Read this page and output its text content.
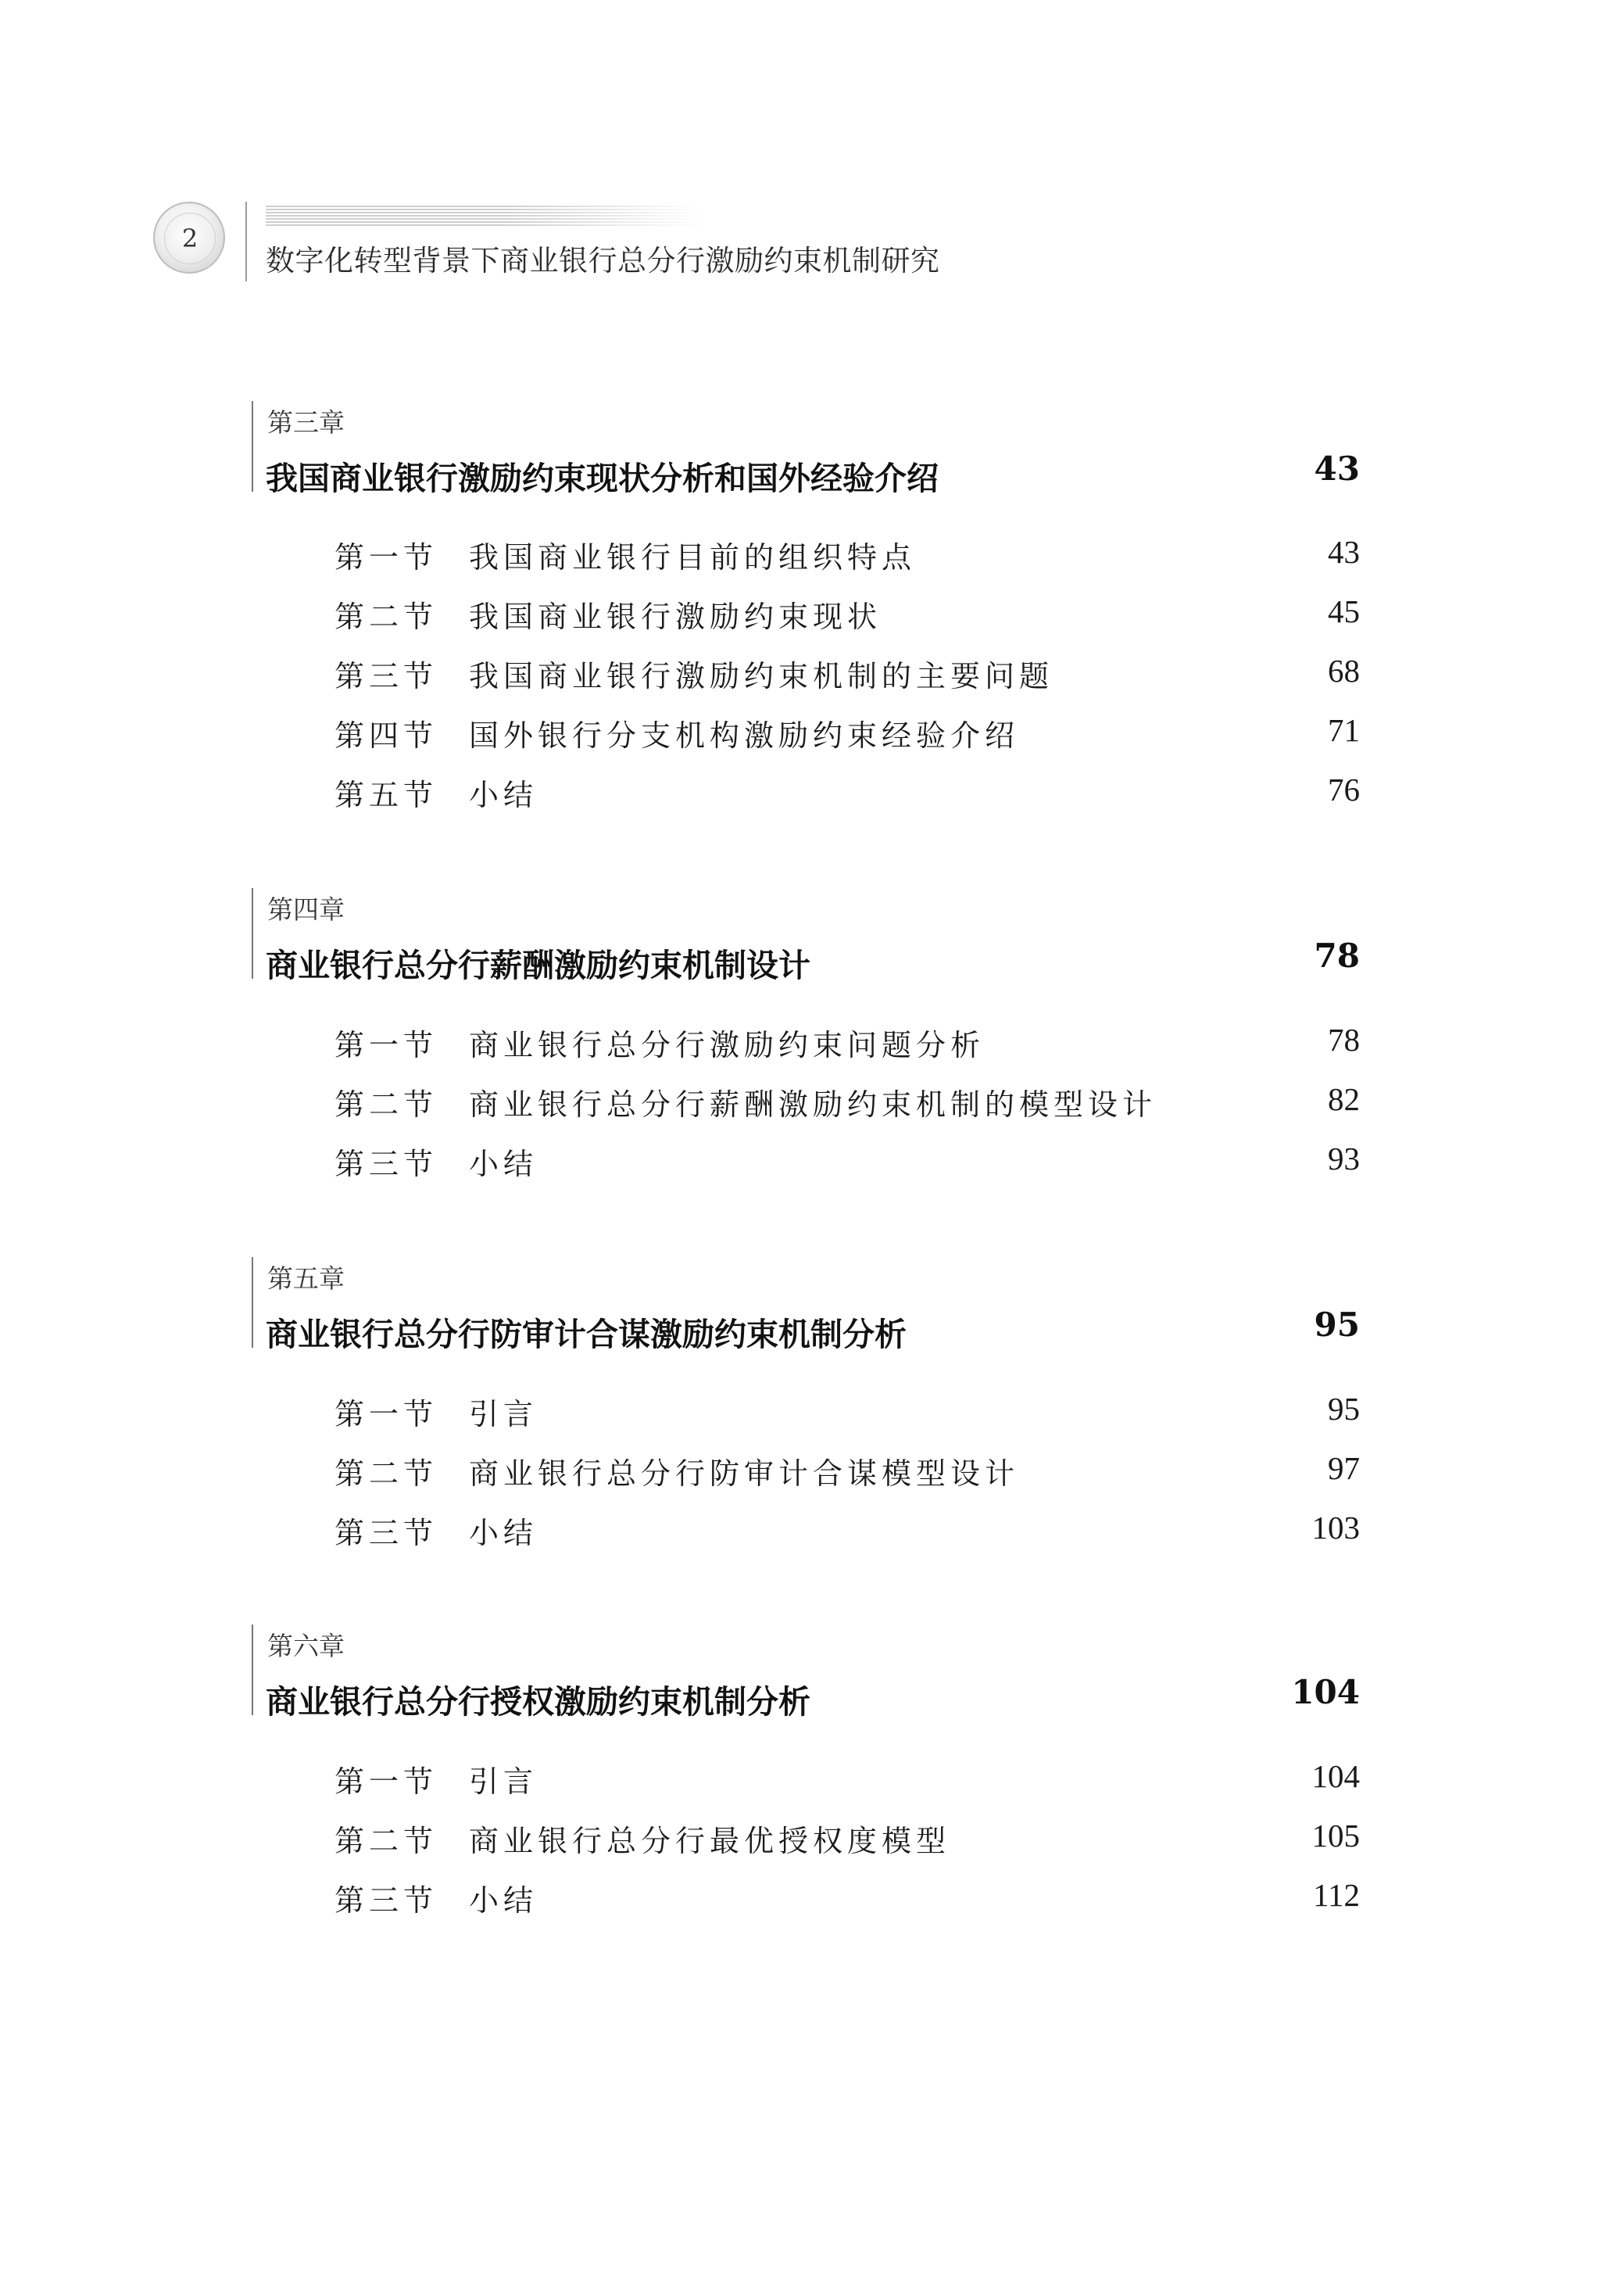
2
数字化转型背景下商业银行总分行激励约束机制研究
第三章
我国商业银行激励约束现状分析和国外经验介绍	43
第一节 我国商业银行目前的组织特点	43
第二节 我国商业银行激励约束现状	45
第三节 我国商业银行激励约束机制的主要问题	68
第四节 国外银行分支机构激励约束经验介绍	71
第五节 小结	76
第四章
商业银行总分行薪酬激励约束机制设计	78
第一节 商业银行总分行激励约束问题分析	78
第二节 商业银行总分行薪酬激励约束机制的模型设计	82
第三节 小结	93
第五章
商业银行总分行防审计合谋激励约束机制分析	95
第一节 引言	95
第二节 商业银行总分行防审计合谋模型设计	97
第三节 小结	103
第六章
商业银行总分行授权激励约束机制分析	104
第一节 引言	104
第二节 商业银行总分行最优授权度模型	105
第三节 小结	112
